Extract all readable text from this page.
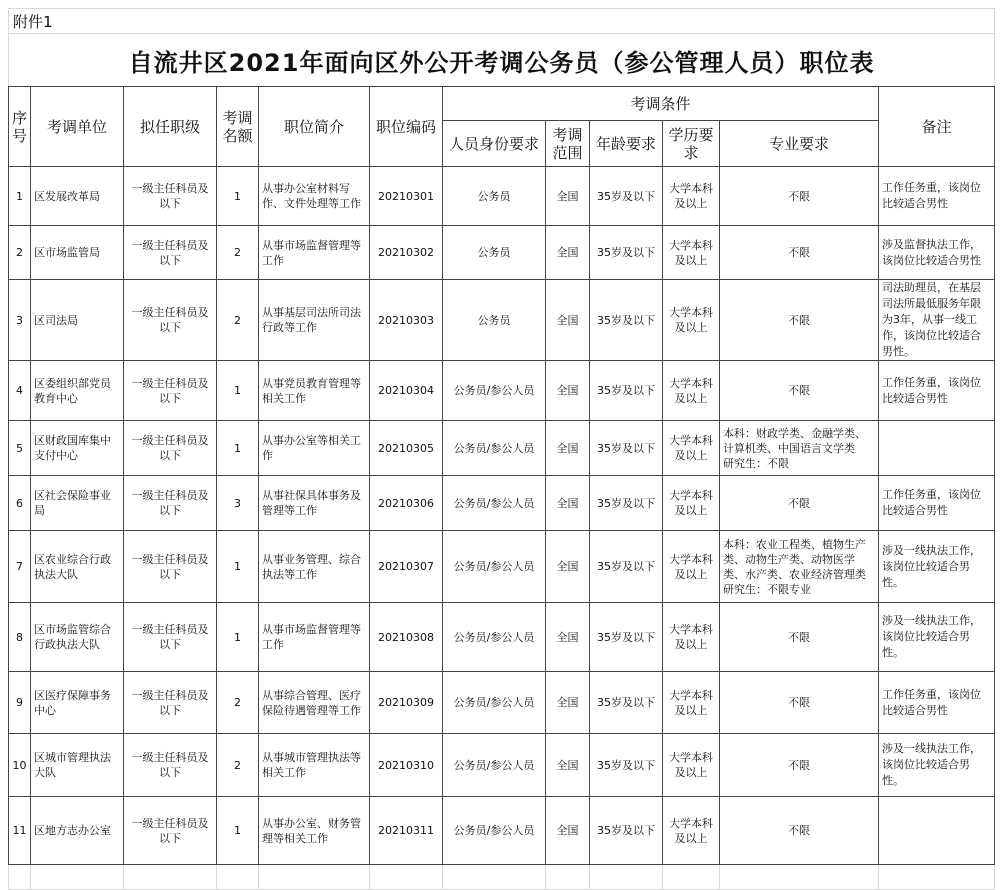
附件1											
自流井区2021年面向区外公开考调公务员（参公管理人员）职位表											
序号	考调单位	拟任职级	考调名额	职位简介	职位编码	考调条件					备注
						人员身份要求	考调范围	年龄要求	学历要求	专业要求	
1	区发展改革局	一级主任科员及以下	1	从事办公室材料写作、文件处理等工作	20210301	公务员	全国	35岁及以下	大学本科及以上	不限	工作任务重，该岗位比较适合男性
2	区市场监管局	一级主任科员及以下	2	从事市场监督管理等工作	20210302	公务员	全国	35岁及以下	大学本科及以上	不限	涉及监督执法工作，该岗位比较适合男性
3	区司法局	一级主任科员及以下	2	从事基层司法所司法行政等工作	20210303	公务员	全国	35岁及以下	大学本科及以上	不限	司法助理员，在基层司法所最低服务年限为3年，从事一线工作，该岗位比较适合男性。
4	区委组织部党员教育中心	一级主任科员及以下	1	从事党员教育管理等相关工作	20210304	公务员/参公人员	全国	35岁及以下	大学本科及以上	不限	工作任务重，该岗位比较适合男性
5	区财政国库集中支付中心	一级主任科员及以下	1	从事办公室等相关工作	20210305	公务员/参公人员	全国	35岁及以下	大学本科及以上	本科：财政学类、金融学类、计算机类、中国语言文学类
研究生：不限	
6	区社会保险事业局	一级主任科员及以下	3	从事社保具体事务及管理等工作	20210306	公务员/参公人员	全国	35岁及以下	大学本科及以上	不限	工作任务重，该岗位比较适合男性
7	区农业综合行政执法大队	一级主任科员及以下	1	从事业务管理、综合执法等工作	20210307	公务员/参公人员	全国	35岁及以下	大学本科及以上	本科：农业工程类、植物生产类、动物生产类、动物医学类、水产类、农业经济管理类
研究生：不限专业	涉及一线执法工作，该岗位比较适合男性。
8	区市场监管综合行政执法大队	一级主任科员及以下	1	从事市场监督管理等工作	20210308	公务员/参公人员	全国	35岁及以下	大学本科及以上	不限	涉及一线执法工作，该岗位比较适合男性。
9	区医疗保障事务中心	一级主任科员及以下	2	从事综合管理、医疗保险待遇管理等工作	20210309	公务员/参公人员	全国	35岁及以下	大学本科及以上	不限	工作任务重，该岗位比较适合男性
10	区城市管理执法大队	一级主任科员及以下	2	从事城市管理执法等相关工作	20210310	公务员/参公人员	全国	35岁及以下	大学本科及以上	不限	涉及一线执法工作，该岗位比较适合男性。
11	区地方志办公室	一级主任科员及以下	1	从事办公室、财务管理等相关工作	20210311	公务员/参公人员	全国	35岁及以下	大学本科及以上	不限	
